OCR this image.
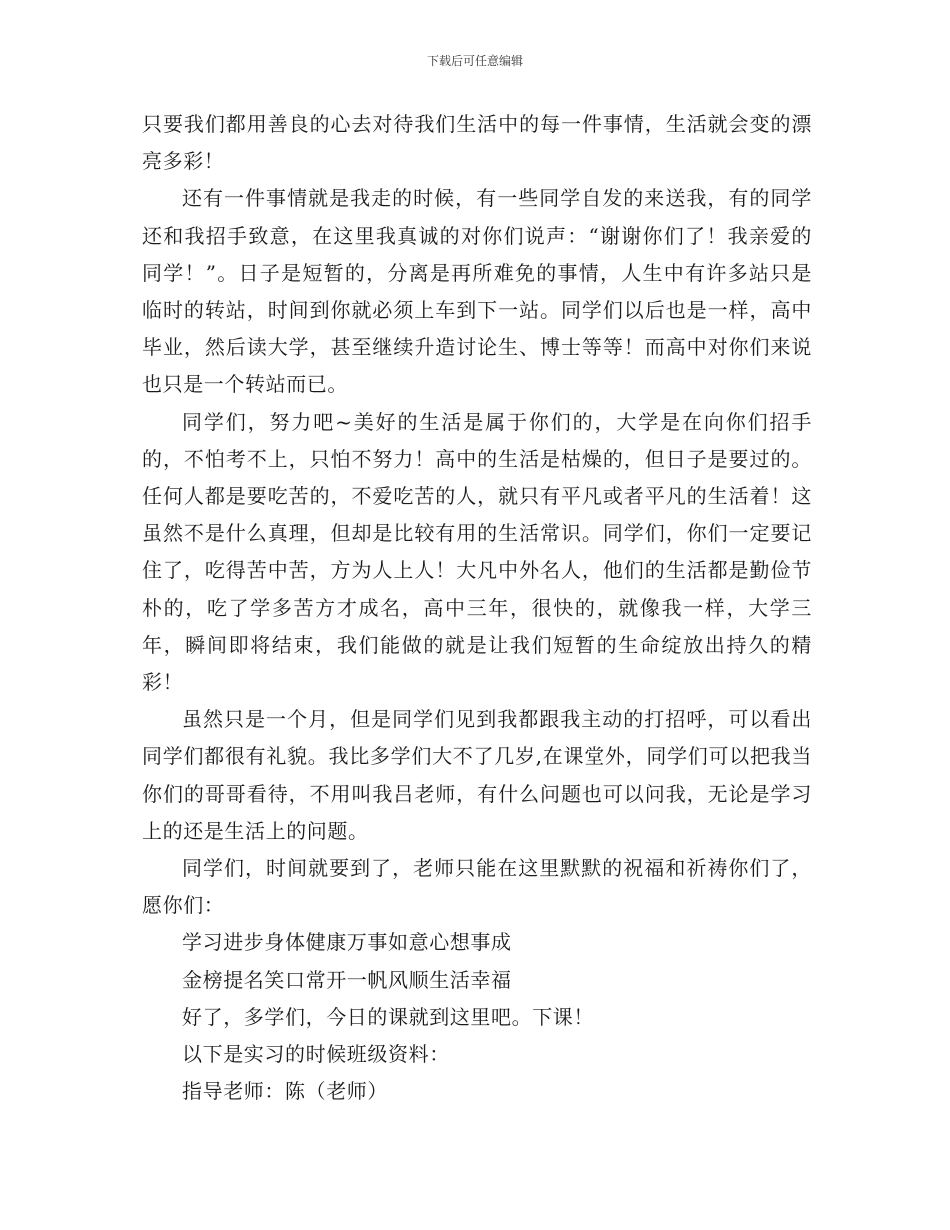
下载后可任意编辑

只要我们都用善良的心去对待我们生活中的每一件事情，生活就会变的漂亮多彩！

还有一件事情就是我走的时候，有一些同学自发的来送我，有的同学还和我招手致意，在这里我真诚的对你们说声：“谢谢你们了！我亲爱的同学！”。日子是短暂的，分离是再所难免的事情，人生中有许多站只是临时的转站，时间到你就必须上车到下一站。同学们以后也是一样，高中毕业，然后读大学，甚至继续升造讨论生、博士等等！而高中对你们来说也只是一个转站而已。

同学们，努力吧~美好的生活是属于你们的，大学是在向你们招手的，不怕考不上，只怕不努力！高中的生活是枯燥的，但日子是要过的。任何人都是要吃苦的，不爱吃苦的人，就只有平凡或者平凡的生活着！这虽然不是什么真理，但却是比较有用的生活常识。同学们，你们一定要记住了，吃得苦中苦，方为人上人！大凡中外名人，他们的生活都是勤俭节朴的，吃了学多苦方才成名，高中三年，很快的，就像我一样，大学三年，瞬间即将结束，我们能做的就是让我们短暂的生命绽放出持久的精彩！

虽然只是一个月，但是同学们见到我都跟我主动的打招呼，可以看出同学们都很有礼貌。我比多学们大不了几岁,在课堂外，同学们可以把我当你们的哥哥看待，不用叫我吕老师，有什么问题也可以问我，无论是学习上的还是生活上的问题。

同学们，时间就要到了，老师只能在这里默默的祝福和祈祷你们了，愿你们：

学习进步身体健康万事如意心想事成

金榜提名笑口常开一帆风顺生活幸福

好了，多学们，今日的课就到这里吧。下课！

以下是实习的时候班级资料：

指导老师：陈（老师）
